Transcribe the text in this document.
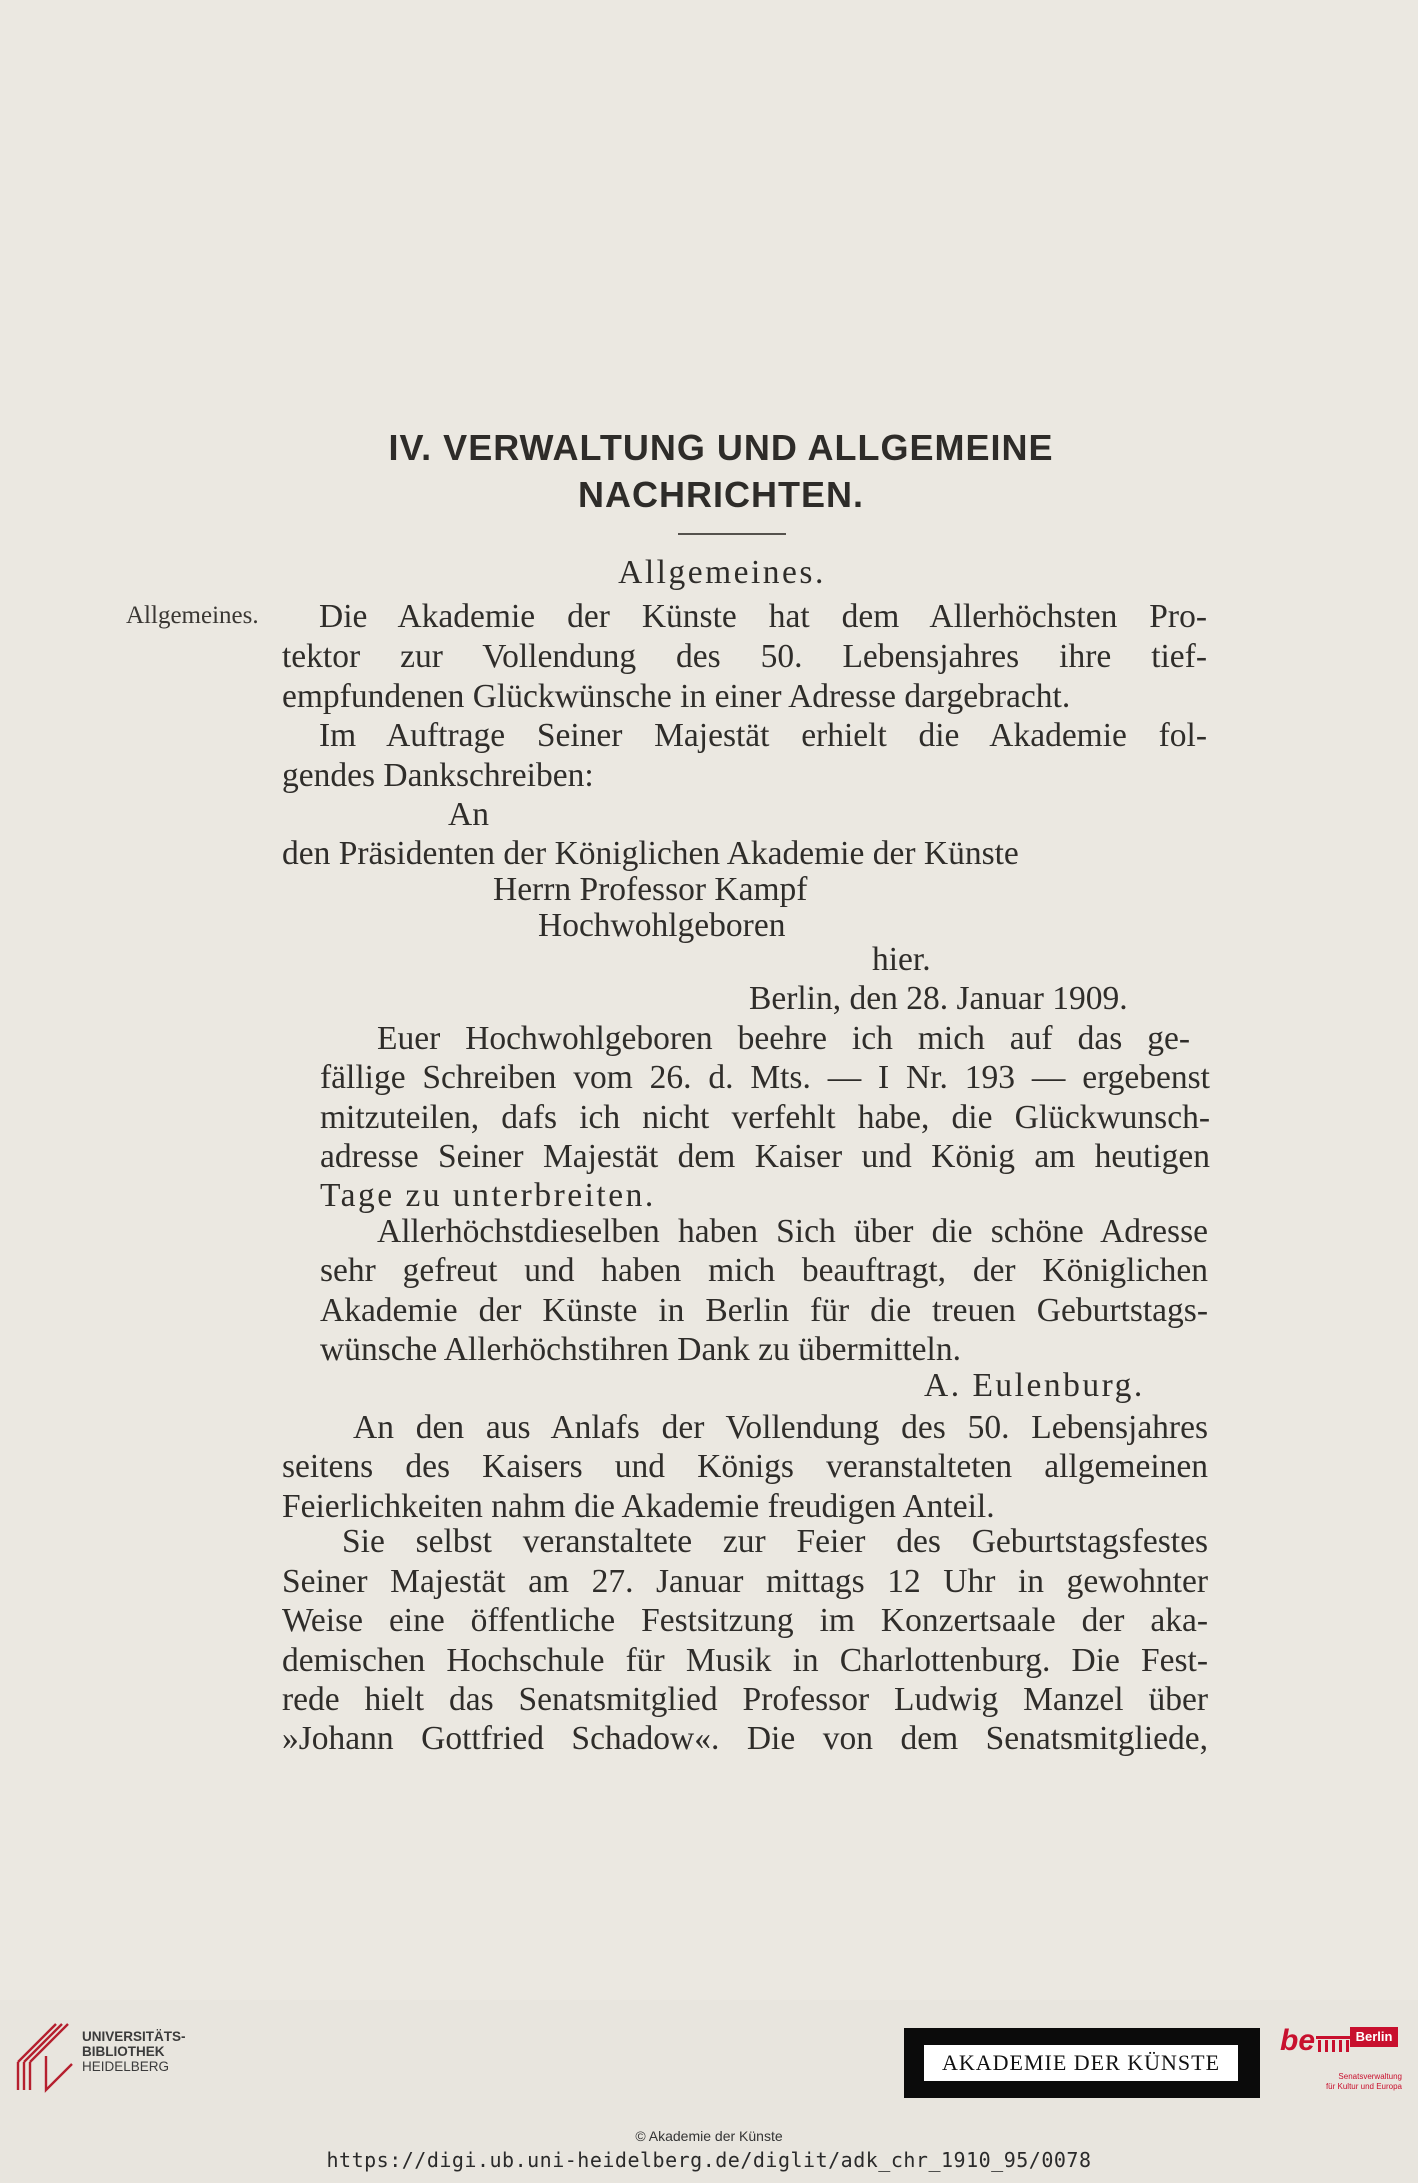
IV. VERWALTUNG UND ALLGEMEINE
NACHRICHTEN.
Allgemeines.
Allgemeines. Die Akademie der Künste hat dem Allerhöchsten Pro-
tektor zur Vollendung des 50. Lebensjahres ihre tief-
empfundenen Glückwünsche in einer Adresse dargebracht.
Im Auftrage Seiner Majestät erhielt die Akademie fol-
gendes Dankschreiben:
An
den Präsidenten der Königlichen Akademie der Künste
Herrn Professor Kampf
Hochwohlgeboren
hier.
Berlin, den 28. Januar 1909.
Euer Hochwohlgeboren beehre ich mich auf das ge-
fällige Schreiben vom 26. d. Mts. — I Nr. 193 — ergebenst
mitzuteilen, dafs ich nicht verfehlt habe, die Glückwunsch-
adresse Seiner Majestät dem Kaiser und König am heutigen
Tage zu unterbreiten.
Allerhöchstdieselben haben Sich über die schöne Adresse
sehr gefreut und haben mich beauftragt, der Königlichen
Akademie der Künste in Berlin für die treuen Geburtstags-
wünsche Allerhöchstihren Dank zu übermitteln.
A. Eulenburg.
An den aus Anlafs der Vollendung des 50. Lebensjahres
seitens des Kaisers und Königs veranstalteten allgemeinen
Feierlichkeiten nahm die Akademie freudigen Anteil.
Sie selbst veranstaltete zur Feier des Geburtstagsfestes
Seiner Majestät am 27. Januar mittags 12 Uhr in gewohnter
Weise eine öffentliche Festsitzung im Konzertsaale der aka-
demischen Hochschule für Musik in Charlottenburg. Die Fest-
rede hielt das Senatsmitglied Professor Ludwig Manzel über
»Johann Gottfried Schadow«. Die von dem Senatsmitgliede,
UNIVERSITÄTS-
BIBLIOTHEK
HEIDELBERG	AKADEMIE DER KÜNSTE
be	Berlin
Senatsverwaltung
für Kultur und Europa
© Akademie der Künste
https://digi.ub.uni-heidelberg.de/diglit/adk_chr_1910_95/0078
